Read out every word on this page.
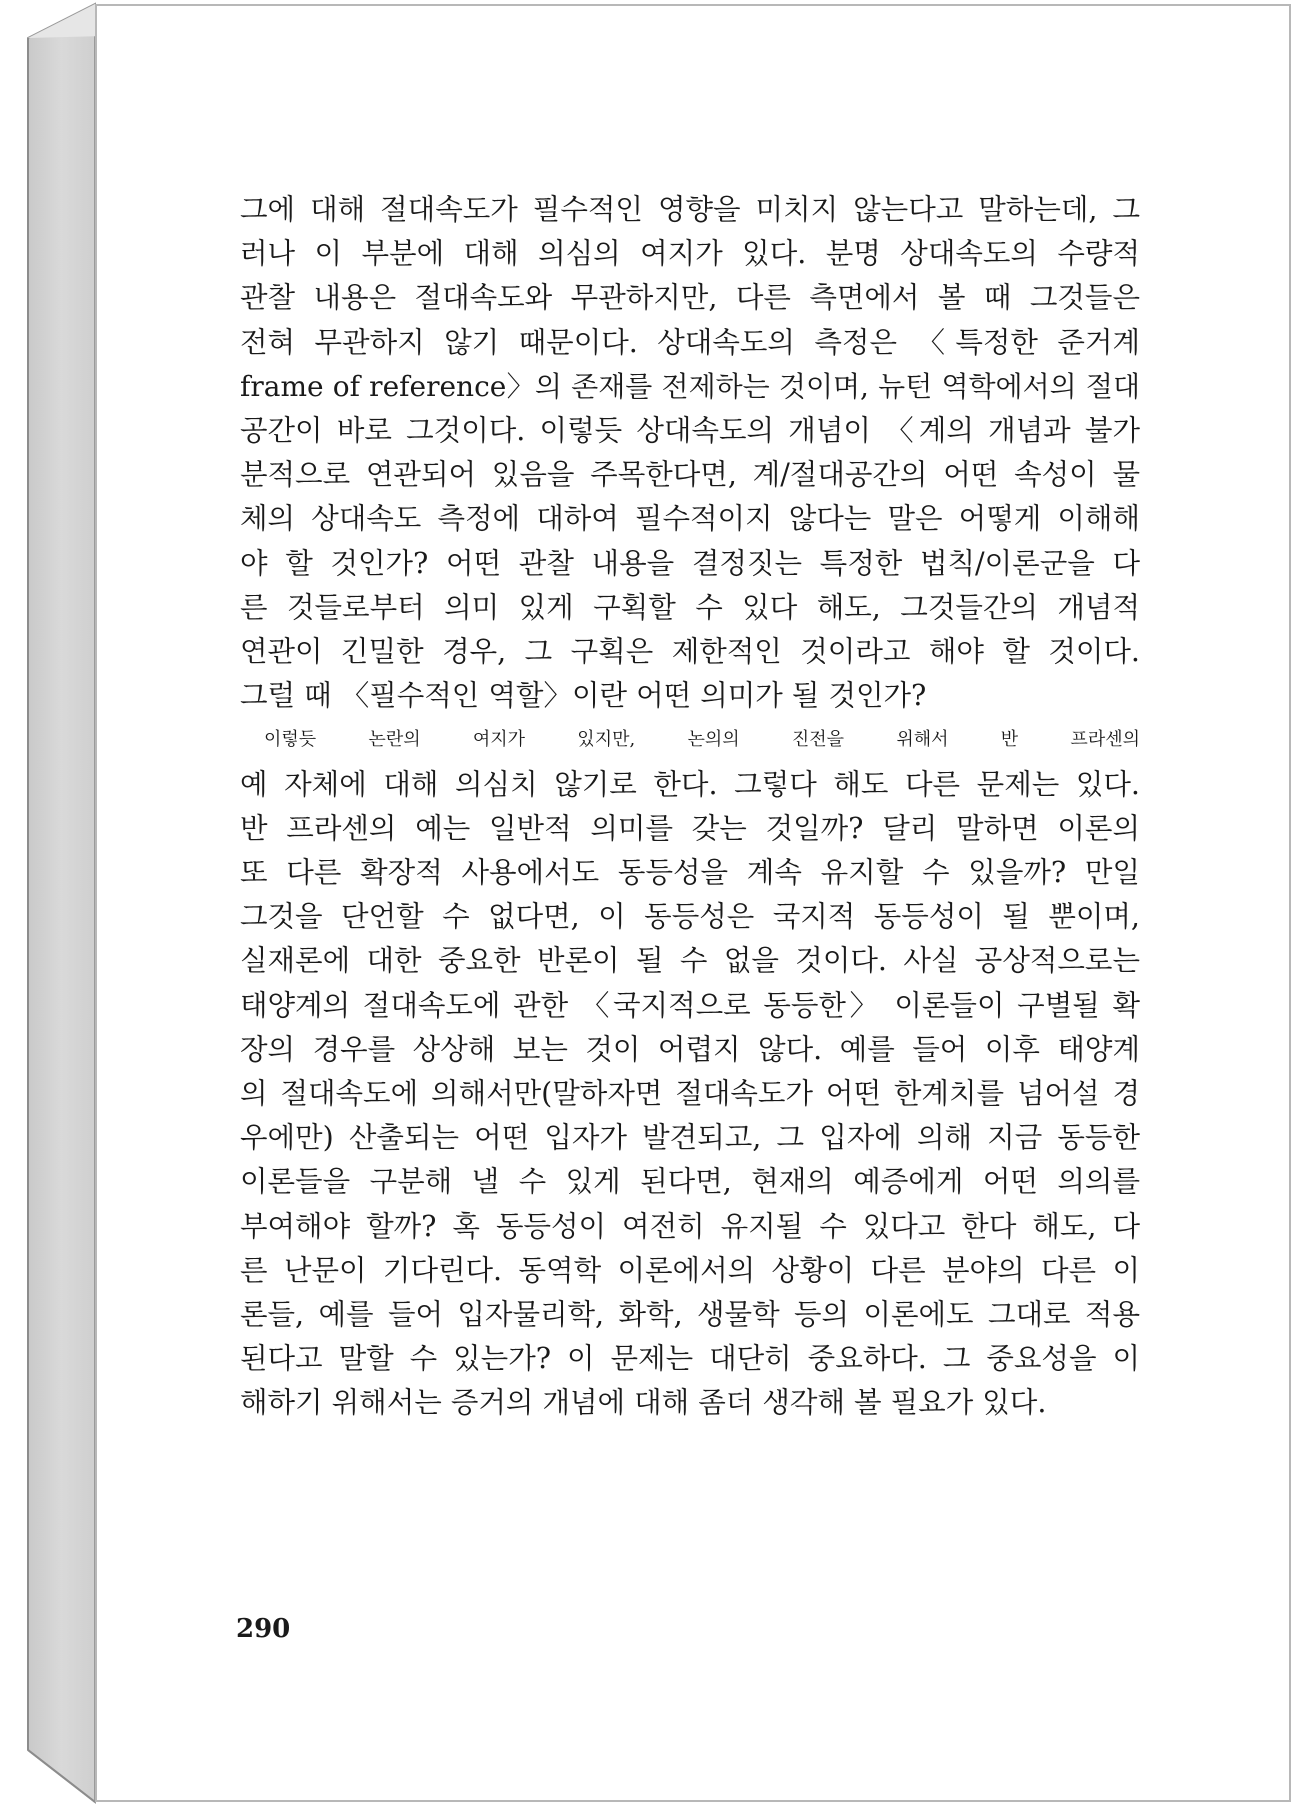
그에 대해 절대속도가 필수적인 영향을 미치지 않는다고 말하는데, 그

러나 이 부분에 대해 의심의 여지가 있다. 분명 상대속도의 수량적

관찰 내용은 절대속도와 무관하지만, 다른 측면에서 볼 때 그것들은

전혀 무관하지 않기 때문이다. 상대속도의 측정은 〈특정한 준거계

frame of reference〉의 존재를 전제하는 것이며, 뉴턴 역학에서의 절대

공간이 바로 그것이다. 이렇듯 상대속도의 개념이 〈계의 개념과 불가

분적으로 연관되어 있음을 주목한다면, 계/절대공간의 어떤 속성이 물

체의 상대속도 측정에 대하여 필수적이지 않다는 말은 어떻게 이해해

야 할 것인가? 어떤 관찰 내용을 결정짓는 특정한 법칙/이론군을 다

른 것들로부터 의미 있게 구획할 수 있다 해도, 그것들간의 개념적

연관이 긴밀한 경우, 그 구획은 제한적인 것이라고 해야 할 것이다.

그럴 때 〈필수적인 역할〉이란 어떤 의미가 될 것인가?

이렇듯 논란의 여지가 있지만, 논의의 진전을 위해서 반 프라센의

예 자체에 대해 의심치 않기로 한다. 그렇다 해도 다른 문제는 있다.

반 프라센의 예는 일반적 의미를 갖는 것일까? 달리 말하면 이론의

또 다른 확장적 사용에서도 동등성을 계속 유지할 수 있을까? 만일

그것을 단언할 수 없다면, 이 동등성은 국지적 동등성이 될 뿐이며,

실재론에 대한 중요한 반론이 될 수 없을 것이다. 사실 공상적으로는

태양계의 절대속도에 관한 〈국지적으로 동등한〉 이론들이 구별될 확

장의 경우를 상상해 보는 것이 어렵지 않다. 예를 들어 이후 태양계

의 절대속도에 의해서만(말하자면 절대속도가 어떤 한계치를 넘어설 경

우에만) 산출되는 어떤 입자가 발견되고, 그 입자에 의해 지금 동등한

이론들을 구분해 낼 수 있게 된다면, 현재의 예증에게 어떤 의의를

부여해야 할까? 혹 동등성이 여전히 유지될 수 있다고 한다 해도, 다

른 난문이 기다린다. 동역학 이론에서의 상황이 다른 분야의 다른 이

론들, 예를 들어 입자물리학, 화학, 생물학 등의 이론에도 그대로 적용

된다고 말할 수 있는가? 이 문제는 대단히 중요하다. 그 중요성을 이

해하기 위해서는 증거의 개념에 대해 좀더 생각해 볼 필요가 있다.

290
